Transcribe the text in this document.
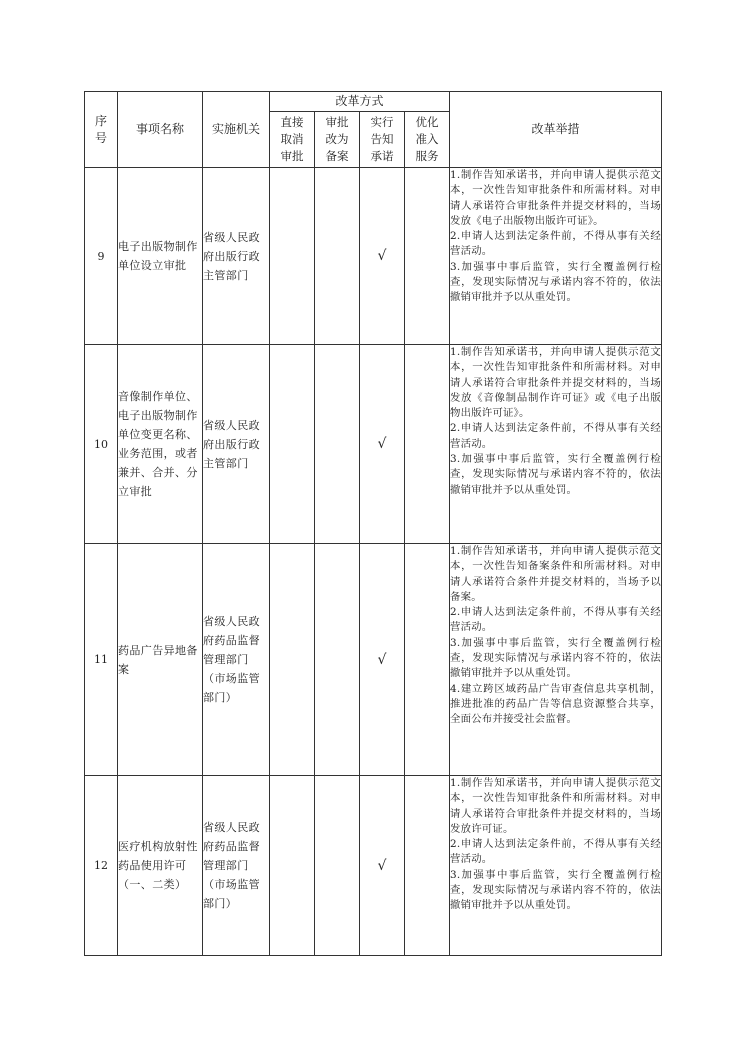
序号	事项名称	实施机关	改革方式				改革举措
			直接取消审批	审批改为备案	实行告知承诺	优化准入服务	
9	电子出版物制作单位设立审批	省级人民政府出版行政主管部门			√		1.制作告知承诺书，并向申请人提供示范文本，一次性告知审批条件和所需材料。对申请人承诺符合审批条件并提交材料的，当场发放《电子出版物出版许可证》。
2.申请人达到法定条件前，不得从事有关经营活动。
3.加强事中事后监管，实行全覆盖例行检查，发现实际情况与承诺内容不符的，依法撤销审批并予以从重处罚。

10	音像制作单位、电子出版物制作单位变更名称、业务范围，或者兼并、合并、分立审批	省级人民政府出版行政主管部门			√		1.制作告知承诺书，并向申请人提供示范文本，一次性告知审批条件和所需材料。对申请人承诺符合审批条件并提交材料的，当场发放《音像制品制作许可证》或《电子出版物出版许可证》。
2.申请人达到法定条件前，不得从事有关经营活动。
3.加强事中事后监管，实行全覆盖例行检查，发现实际情况与承诺内容不符的，依法撤销审批并予以从重处罚。

11	药品广告异地备案	省级人民政府药品监督管理部门（市场监管部门）			√		1.制作告知承诺书，并向申请人提供示范文本，一次性告知备案条件和所需材料。对申请人承诺符合条件并提交材料的，当场予以备案。
2.申请人达到法定条件前，不得从事有关经营活动。
3.加强事中事后监管，实行全覆盖例行检查，发现实际情况与承诺内容不符的，依法撤销审批并予以从重处罚。
4.建立跨区域药品广告审查信息共享机制，推进批准的药品广告等信息资源整合共享，全面公布并接受社会监督。

12	医疗机构放射性药品使用许可（一、二类）	省级人民政府药品监督管理部门（市场监管部门）			√		1.制作告知承诺书，并向申请人提供示范文本，一次性告知审批条件和所需材料。对申请人承诺符合审批条件并提交材料的，当场发放许可证。
2.申请人达到法定条件前，不得从事有关经营活动。
3.加强事中事后监管，实行全覆盖例行检查，发现实际情况与承诺内容不符的，依法撤销审批并予以从重处罚。
